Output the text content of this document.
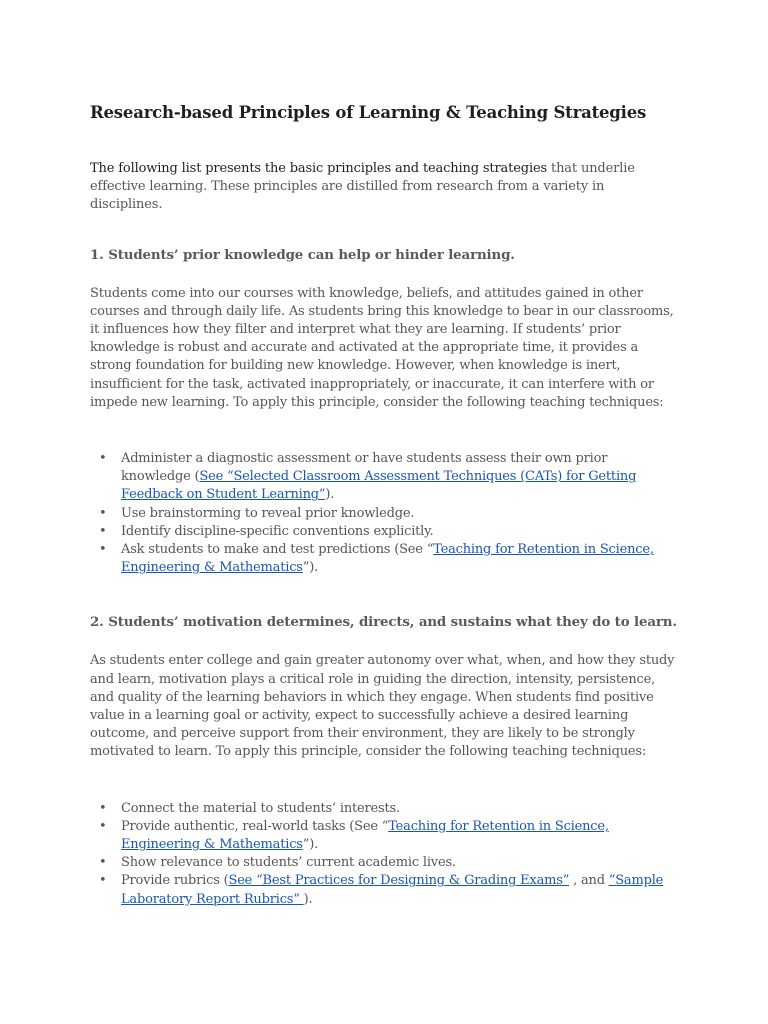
Research-based Principles of Learning & Teaching Strategies

The following list presents the basic principles and teaching strategies that underlie effective learning. These principles are distilled from research from a variety in disciplines.

1. Students’ prior knowledge can help or hinder learning.

Students come into our courses with knowledge, beliefs, and attitudes gained in other courses and through daily life. As students bring this knowledge to bear in our classrooms, it influences how they filter and interpret what they are learning. If students’ prior knowledge is robust and accurate and activated at the appropriate time, it provides a strong foundation for building new knowledge. However, when knowledge is inert, insufficient for the task, activated inappropriately, or inaccurate, it can interfere with or impede new learning. To apply this principle, consider the following teaching techniques:

• Administer a diagnostic assessment or have students assess their own prior knowledge (See “Selected Classroom Assessment Techniques (CATs) for Getting Feedback on Student Learning”).
• Use brainstorming to reveal prior knowledge.
• Identify discipline-specific conventions explicitly.
• Ask students to make and test predictions (See “Teaching for Retention in Science, Engineering & Mathematics”).
2. Students’ motivation determines, directs, and sustains what they do to learn.

As students enter college and gain greater autonomy over what, when, and how they study and learn, motivation plays a critical role in guiding the direction, intensity, persistence, and quality of the learning behaviors in which they engage. When students find positive value in a learning goal or activity, expect to successfully achieve a desired learning outcome, and perceive support from their environment, they are likely to be strongly motivated to learn. To apply this principle, consider the following teaching techniques:

• Connect the material to students’ interests.
• Provide authentic, real-world tasks (See “Teaching for Retention in Science, Engineering & Mathematics”).
• Show relevance to students’ current academic lives.
• Provide rubrics (See “Best Practices for Designing & Grading Exams” , and “Sample Laboratory Report Rubrics” ).
